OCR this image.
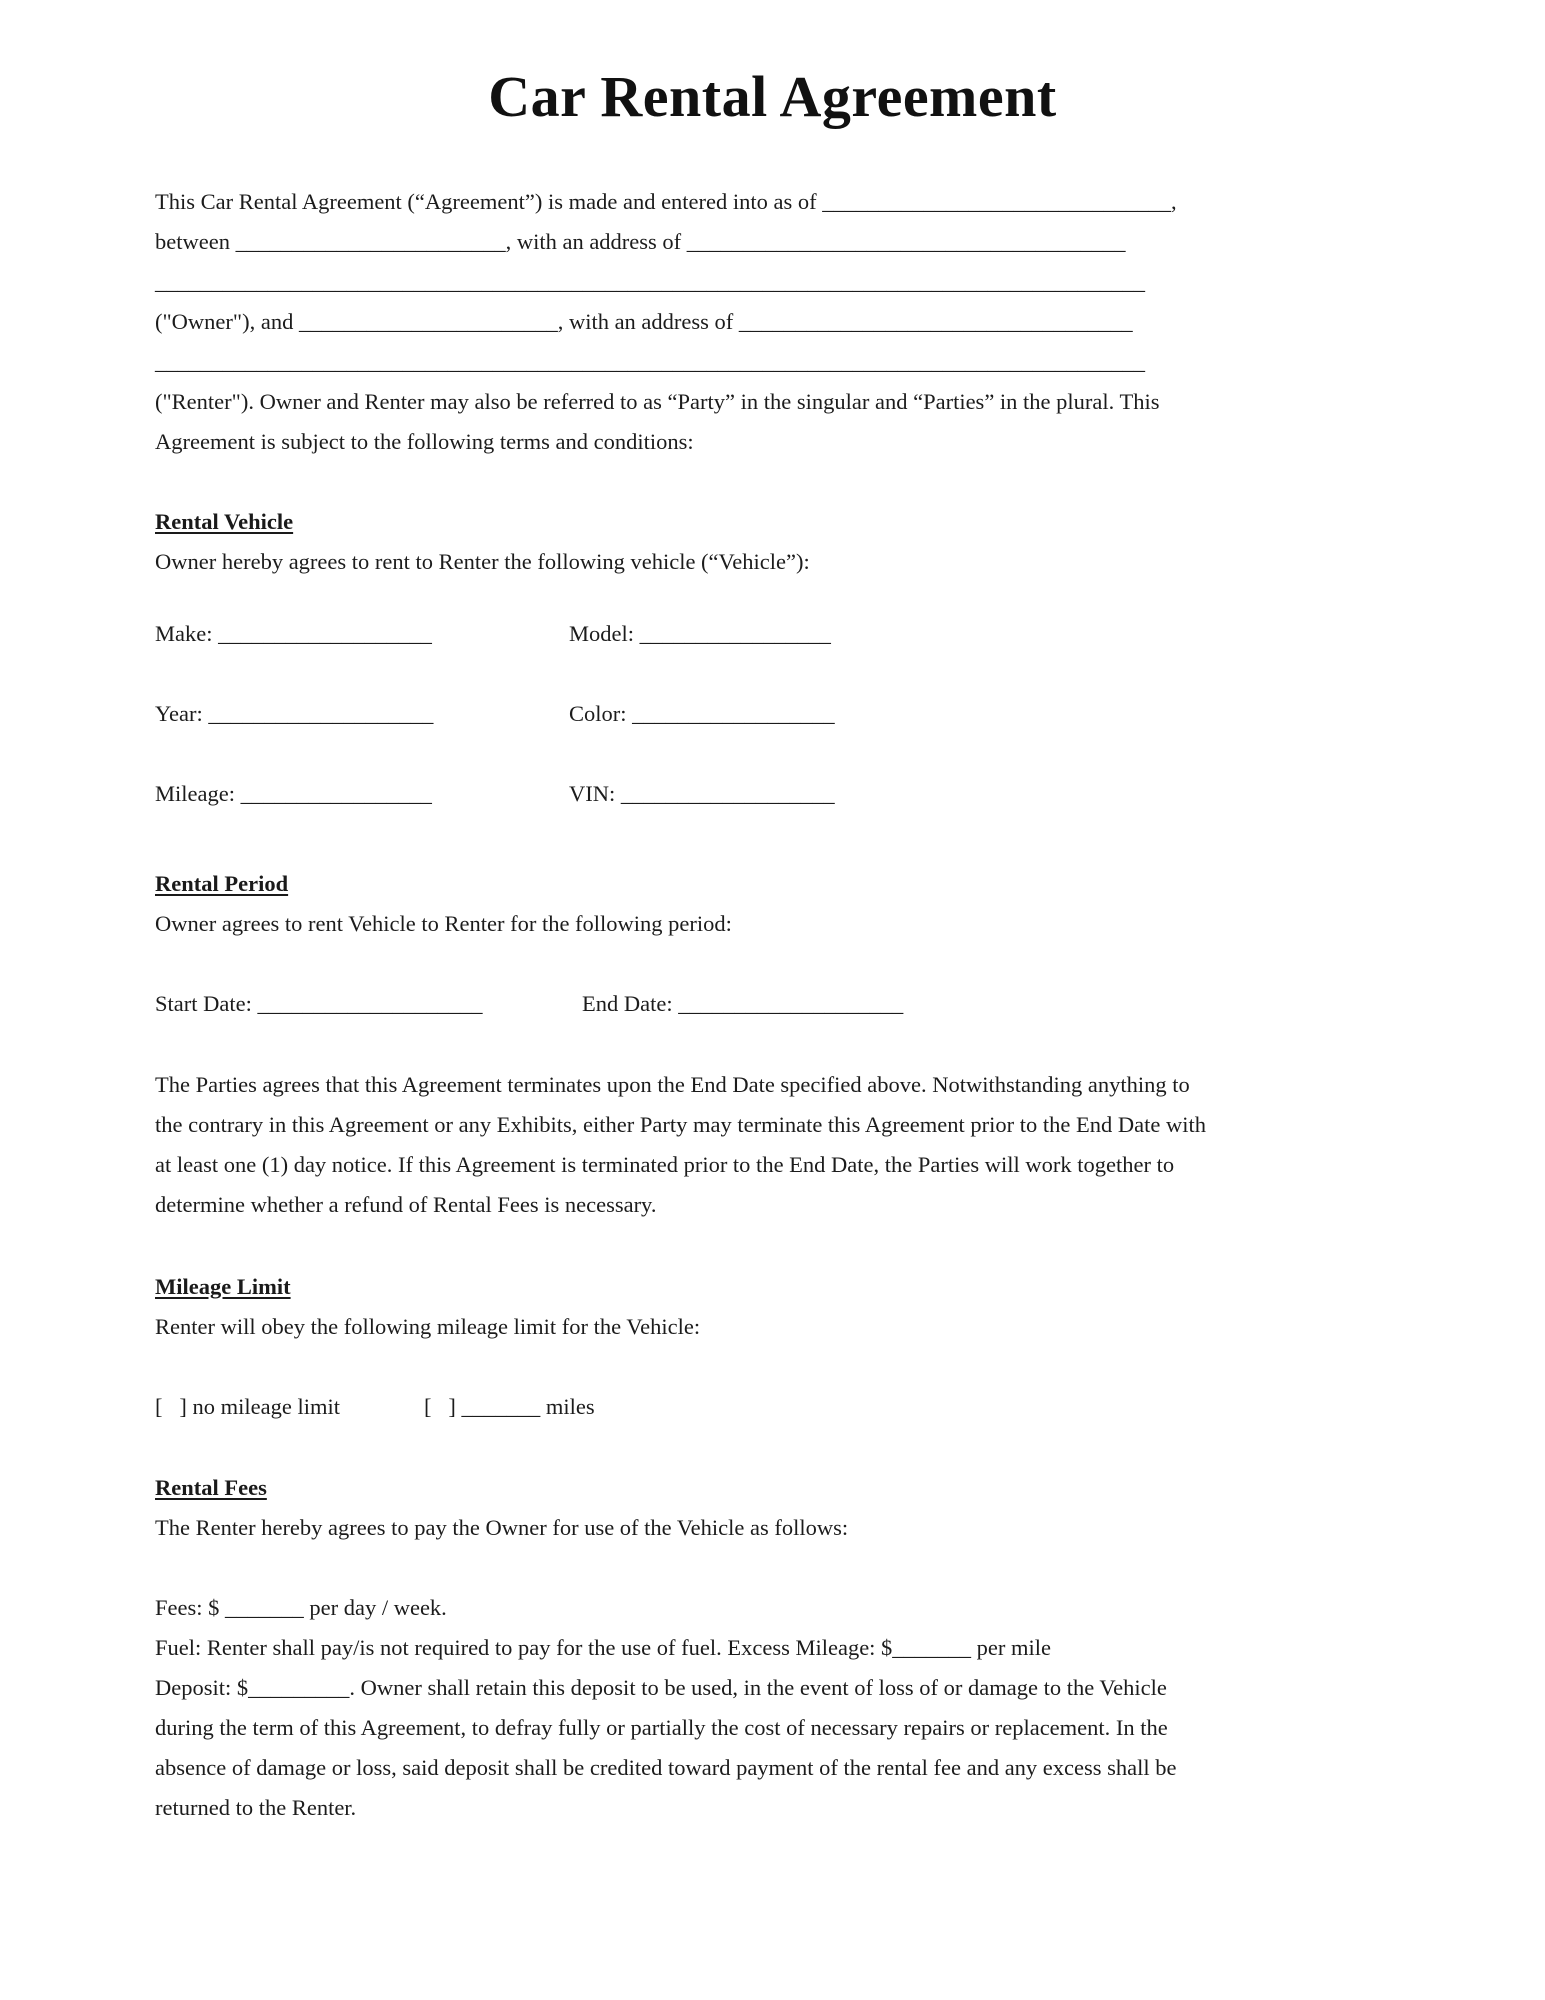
Car Rental Agreement
This Car Rental Agreement (“Agreement”) is made and entered into as of _______________________________,
between ________________________, with an address of _______________________________________
________________________________________________________________________________________
("Owner"), and _______________________, with an address of ___________________________________
________________________________________________________________________________________
("Renter"). Owner and Renter may also be referred to as “Party” in the singular and “Parties” in the plural. This
Agreement is subject to the following terms and conditions:
Rental Vehicle
Owner hereby agrees to rent to Renter the following vehicle (“Vehicle”):
Make: ___________________	Model: _________________
Year: ____________________	Color: __________________
Mileage: _________________	VIN: ___________________
Rental Period
Owner agrees to rent Vehicle to Renter for the following period:
Start Date: ____________________	End Date: ____________________
The Parties agrees that this Agreement terminates upon the End Date specified above. Notwithstanding anything to
the contrary in this Agreement or any Exhibits, either Party may terminate this Agreement prior to the End Date with
at least one (1) day notice. If this Agreement is terminated prior to the End Date, the Parties will work together to
determine whether a refund of Rental Fees is necessary.
Mileage Limit
Renter will obey the following mileage limit for the Vehicle:
[   ] no mileage limit	[   ] _______ miles
Rental Fees
The Renter hereby agrees to pay the Owner for use of the Vehicle as follows:
Fees: $ _______ per day / week.
Fuel: Renter shall pay/is not required to pay for the use of fuel. Excess Mileage: $_______ per mile
Deposit: $_________. Owner shall retain this deposit to be used, in the event of loss of or damage to the Vehicle
during the term of this Agreement, to defray fully or partially the cost of necessary repairs or replacement. In the
absence of damage or loss, said deposit shall be credited toward payment of the rental fee and any excess shall be
returned to the Renter.
